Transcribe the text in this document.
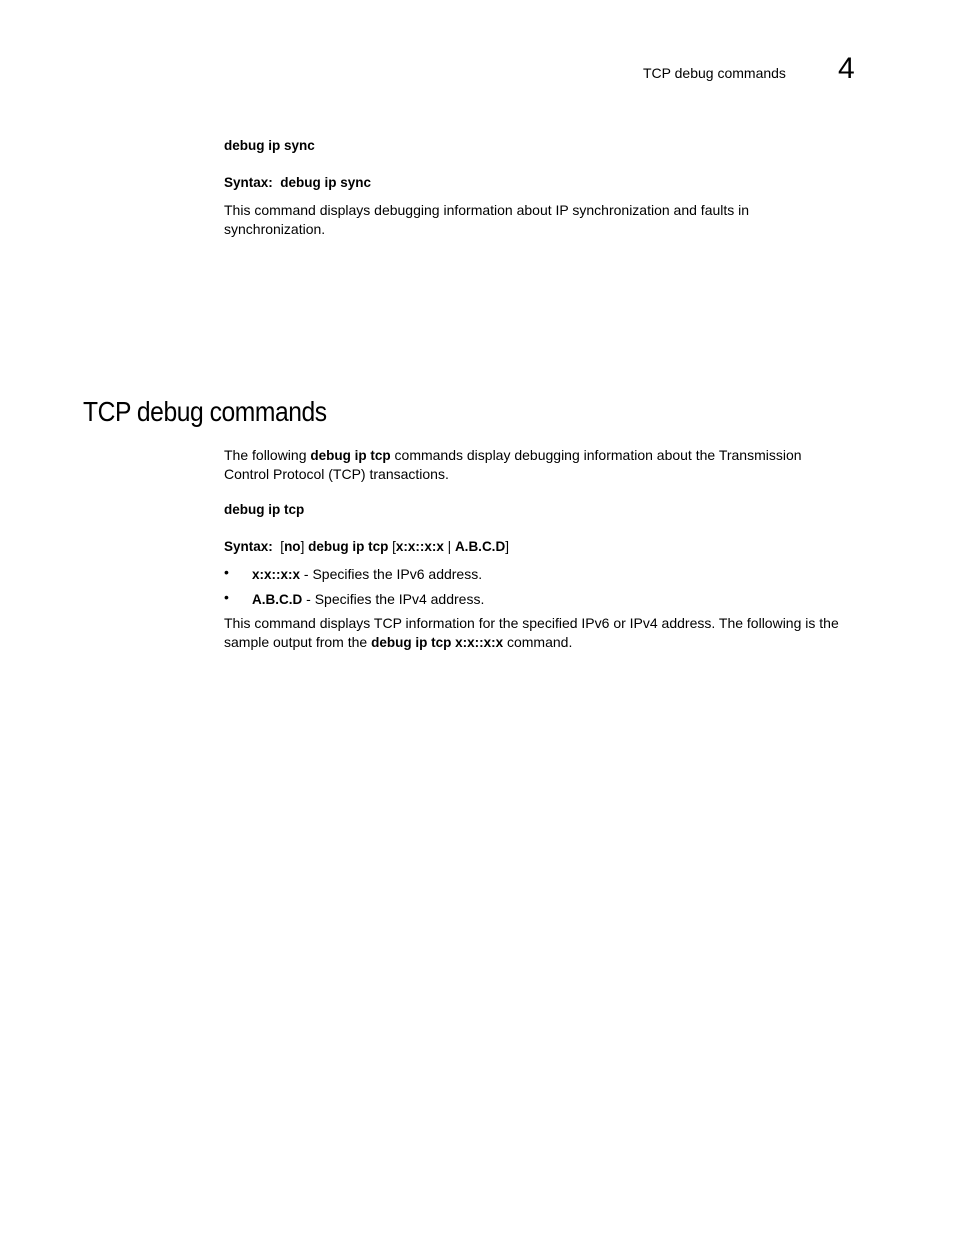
TCP debug commands 4
debug ip sync
Syntax: debug ip sync

This command displays debugging information about IP synchronization and faults in

synchronization.

TCP debug commands

The following debug ip tcp commands display debugging information about the Transmission

Control Protocol (TCP) transactions.

debug ip tcp
Syntax: [no] debug ip tcp [x:x::x:x | A.B.C.D]
• x:x::x:x - Specifies the IPv6 address.
• A.B.C.D - Specifies the IPv4 address.

This command displays TCP information for the specified IPv6 or IPv4 address. The following is the

sample output from the debug ip tcp x:x::x:x command.
